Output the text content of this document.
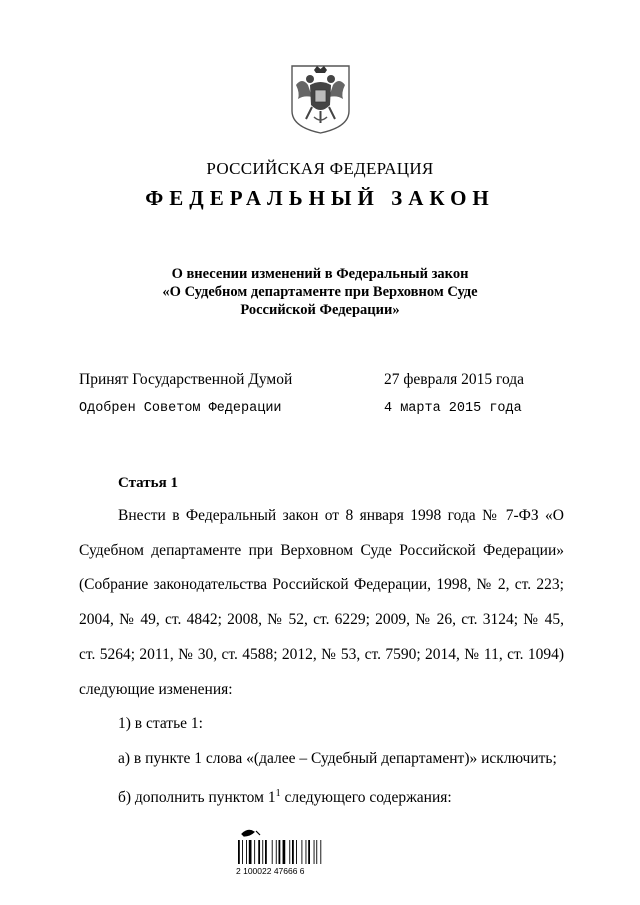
РОССИЙСКАЯ ФЕДЕРАЦИЯ
ФЕДЕРАЛЬНЫЙ ЗАКОН
О внесении изменений в Федеральный закон
«О Судебном департаменте при Верховном Суде
Российской Федерации»
Принят Государственной Думой	27 февраля 2015 года
Одобрен Советом Федерации	4 марта 2015 года
Статья 1
Внести в Федеральный закон от 8 января 1998 года № 7-ФЗ «О
Судебном департаменте при Верховном Суде Российской Федерации»
(Собрание законодательства Российской Федерации, 1998, № 2, ст. 223;
2004, № 49, ст. 4842; 2008, № 52, ст. 6229; 2009, № 26, ст. 3124; № 45,
ст. 5264; 2011, № 30, ст. 4588; 2012, № 53, ст. 7590; 2014, № 11, ст. 1094)
следующие изменения:
1) в статье 1:
а) в пункте 1 слова «(далее – Судебный департамент)» исключить;
б) дополнить пунктом $1^1$ следующего содержания:
2 100022 47666 6
